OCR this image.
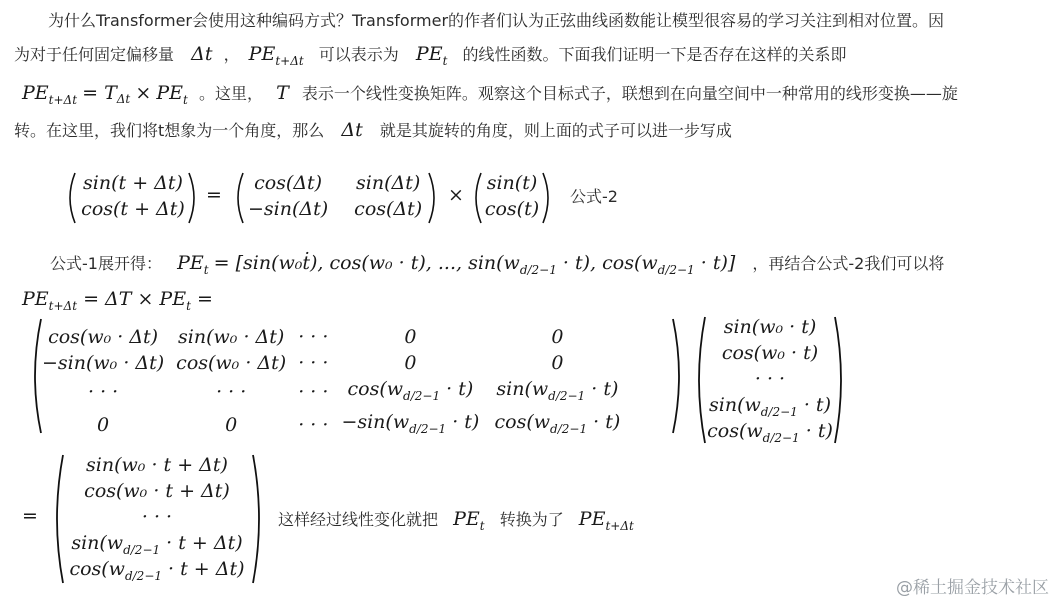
为什么Transformer会使用这种编码方式？Transformer的作者们认为正弦曲线函数能让模型很容易的学习关注到相对位置。因
为对于任何固定偏移量 Δt ， $PE_{t+\Delta t}$ 可以表示为 $PE_t$ 的线性函数。下面我们证明一下是否存在这样的关系即
$PE_{t+\Delta t} = T_{\Delta t} \times PE_t$ 。这里， T 表示一个线性变换矩阵。观察这个目标式子，联想到在向量空间中一种常用的线形变换——旋
转。在这里，我们将t想象为一个角度，那么 Δt 就是其旋转的角度，则上面的式子可以进一步写成
sin(t + Δt)
cos(t + Δt)
=
cos(Δt)	sin(Δt)
−sin(Δt)	cos(Δt)
×
sin(t)
cos(t)
公式-2
公式-1展开得： $PE_t$ = [sin(w₀ṫ), cos(w₀ · t), ..., $\sin(w_{d/2-1} \cdot t)$, $\cos(w_{d/2-1} \cdot t)$] ，再结合公式-2我们可以将
$PE_{t+\Delta t} = \Delta T \times PE_t$ =
cos(w₀ · Δt)	sin(w₀ · Δt)	· · ·	0	0
−sin(w₀ · Δt)	cos(w₀ · Δt)	· · ·	0	0
· · ·	· · ·	· · ·	$\cos(w_{d/2-1} \cdot t)$	$\sin(w_{d/2-1} \cdot t)$
0	0	· · ·	$-\sin(w_{d/2-1} \cdot t)$	$\cos(w_{d/2-1} \cdot t)$
sin(w₀ · t)
cos(w₀ · t)
· · ·
$\sin(w_{d/2-1} \cdot t)$
$\cos(w_{d/2-1} \cdot t)$
=
sin(w₀ · t + Δt)
cos(w₀ · t + Δt)
· · ·
$\sin(w_{d/2-1} \cdot t + \Delta t)$
$\cos(w_{d/2-1} \cdot t + \Delta t)$
这样经过线性变化就把 $PE_t$ 转换为了 $PE_{t+\Delta t}$
@稀土掘金技术社区
